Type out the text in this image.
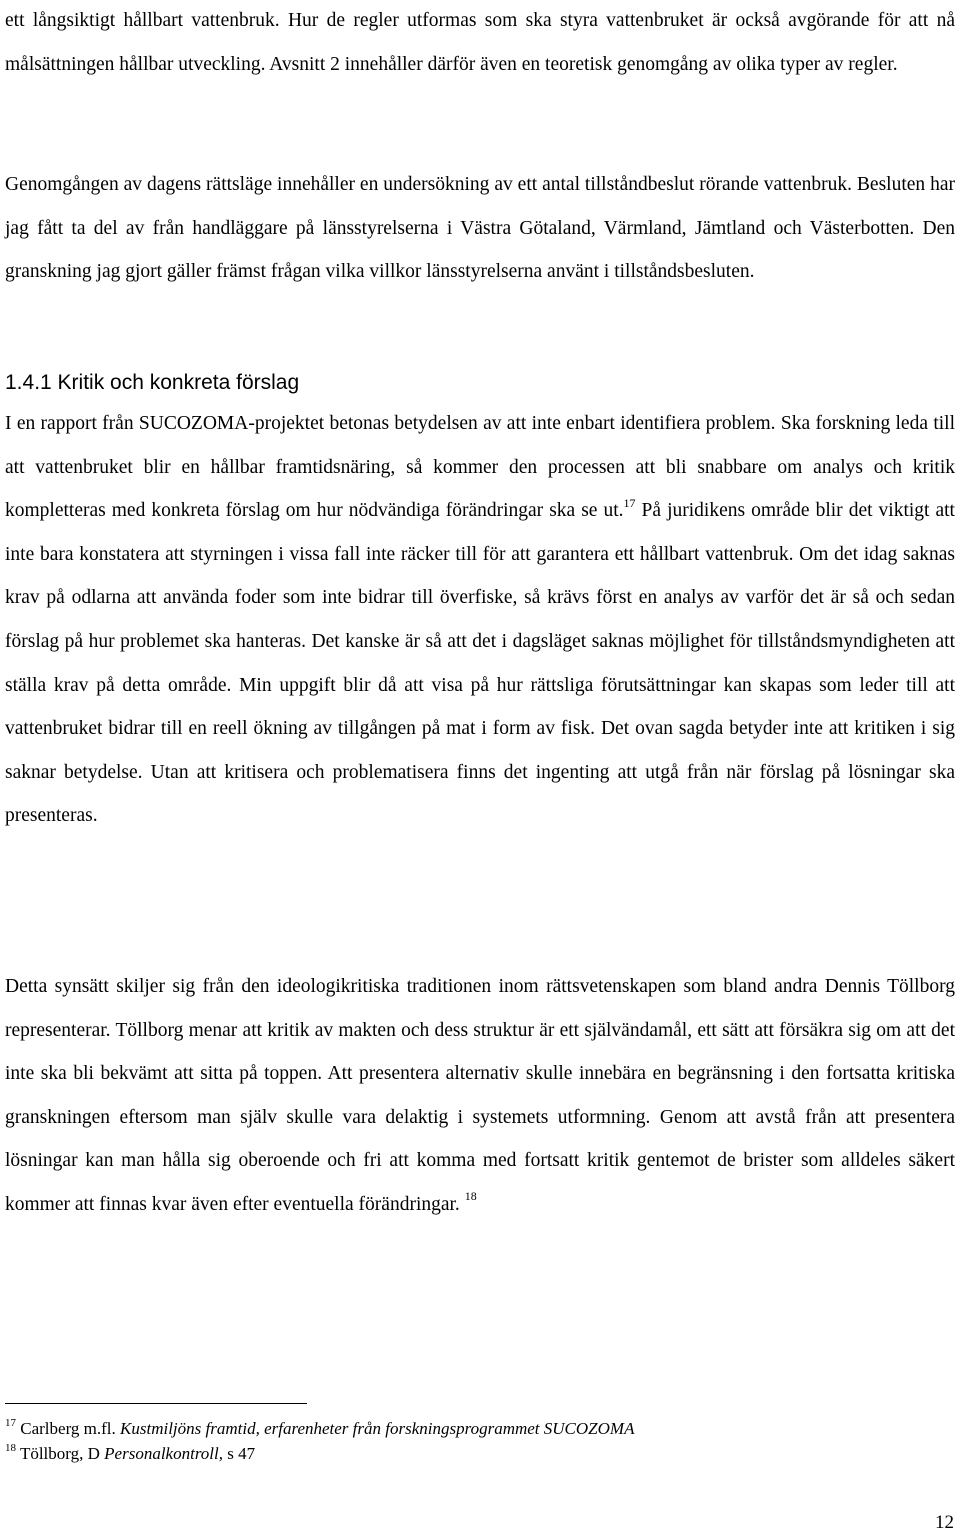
ett långsiktigt hållbart vattenbruk. Hur de regler utformas som ska styra vattenbruket är också avgörande för att nå målsättningen hållbar utveckling. Avsnitt 2 innehåller därför även en teoretisk genomgång av olika typer av regler.

Genomgången av dagens rättsläge innehåller en undersökning av ett antal tillståndbeslut rörande vattenbruk. Besluten har jag fått ta del av från handläggare på länsstyrelserna i Västra Götaland, Värmland, Jämtland och Västerbotten. Den granskning jag gjort gäller främst frågan vilka villkor länsstyrelserna använt i tillståndsbesluten.

1.4.1 Kritik och konkreta förslag

I en rapport från SUCOZOMA-projektet betonas betydelsen av att inte enbart identifiera problem. Ska forskning leda till att vattenbruket blir en hållbar framtidsnäring, så kommer den processen att bli snabbare om analys och kritik kompletteras med konkreta förslag om hur nödvändiga förändringar ska se ut.$^{17}$ På juridikens område blir det viktigt att inte bara konstatera att styrningen i vissa fall inte räcker till för att garantera ett hållbart vattenbruk. Om det idag saknas krav på odlarna att använda foder som inte bidrar till överfiske, så krävs först en analys av varför det är så och sedan förslag på hur problemet ska hanteras. Det kanske är så att det i dagsläget saknas möjlighet för tillståndsmyndigheten att ställa krav på detta område. Min uppgift blir då att visa på hur rättsliga förutsättningar kan skapas som leder till att vattenbruket bidrar till en reell ökning av tillgången på mat i form av fisk. Det ovan sagda betyder inte att kritiken i sig saknar betydelse. Utan att kritisera och problematisera finns det ingenting att utgå från när förslag på lösningar ska presenteras.

Detta synsätt skiljer sig från den ideologikritiska traditionen inom rättsvetenskapen som bland andra Dennis Töllborg representerar. Töllborg menar att kritik av makten och dess struktur är ett självändamål, ett sätt att försäkra sig om att det inte ska bli bekvämt att sitta på toppen. Att presentera alternativ skulle innebära en begränsning i den fortsatta kritiska granskningen eftersom man själv skulle vara delaktig i systemets utformning. Genom att avstå från att presentera lösningar kan man hålla sig oberoende och fri att komma med fortsatt kritik gentemot de brister som alldeles säkert kommer att finnas kvar även efter eventuella förändringar. $^{18}$

$^{17}$ Carlberg m.fl. Kustmiljöns framtid, erfarenheter från forskningsprogrammet SUCOZOMA
$^{18}$ Töllborg, D Personalkontroll, s 47
12
